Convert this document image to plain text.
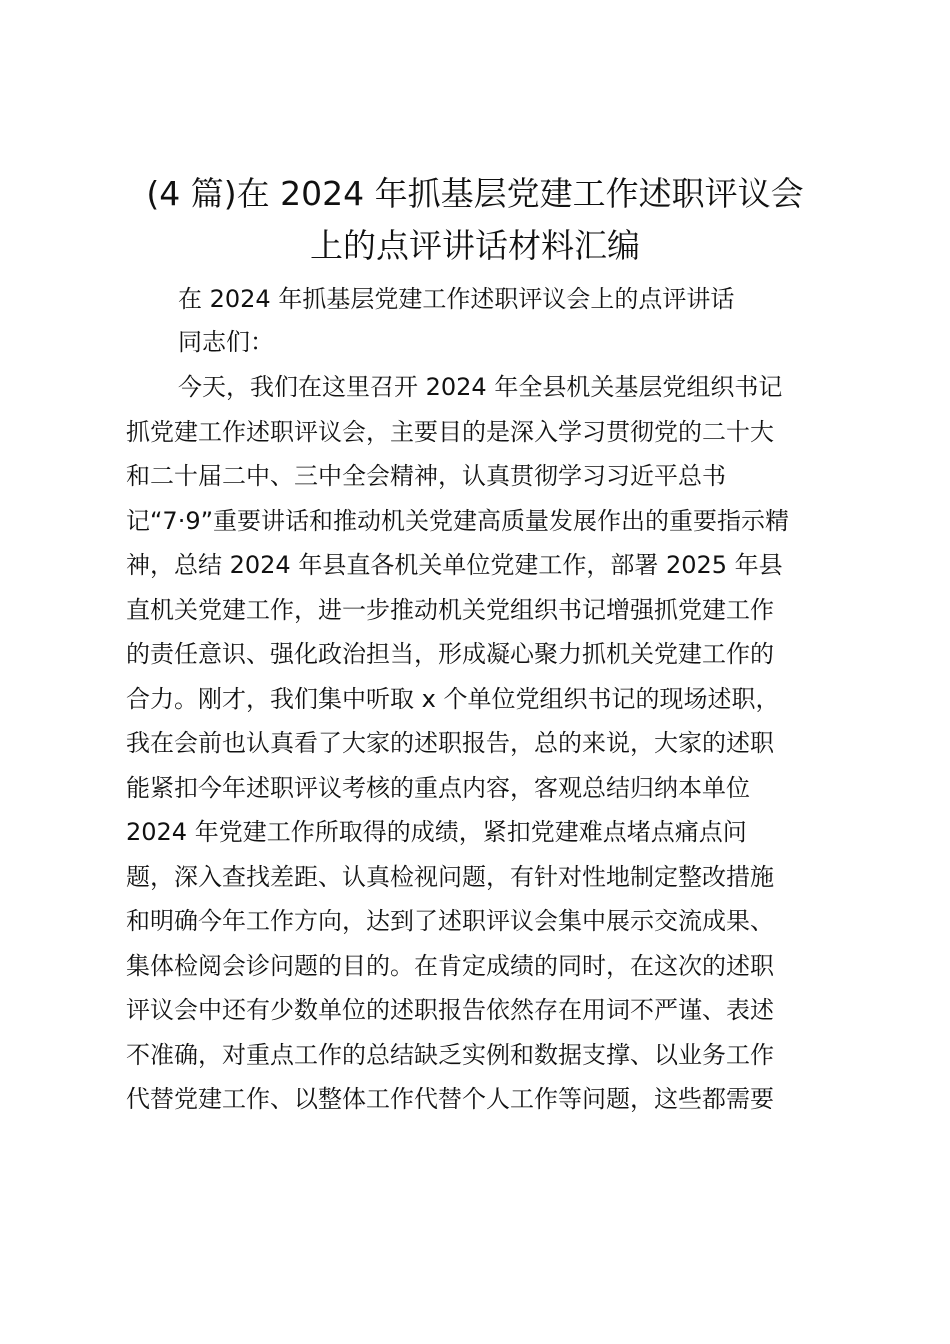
(4 篇)在 2024 年抓基层党建工作述职评议会
上的点评讲话材料汇编

在 2024 年抓基层党建工作述职评议会上的点评讲话

同志们：

今天，我们在这里召开 2024 年全县机关基层党组织书记

抓党建工作述职评议会，主要目的是深入学习贯彻党的二十大

和二十届二中、三中全会精神，认真贯彻学习习近平总书

记“7·9”重要讲话和推动机关党建高质量发展作出的重要指示精

神，总结 2024 年县直各机关单位党建工作，部署 2025 年县

直机关党建工作，进一步推动机关党组织书记增强抓党建工作

的责任意识、强化政治担当，形成凝心聚力抓机关党建工作的

合力。刚才，我们集中听取 x 个单位党组织书记的现场述职，

我在会前也认真看了大家的述职报告，总的来说，大家的述职

能紧扣今年述职评议考核的重点内容，客观总结归纳本单位

2024 年党建工作所取得的成绩，紧扣党建难点堵点痛点问

题，深入查找差距、认真检视问题，有针对性地制定整改措施

和明确今年工作方向，达到了述职评议会集中展示交流成果、

集体检阅会诊问题的目的。在肯定成绩的同时，在这次的述职

评议会中还有少数单位的述职报告依然存在用词不严谨、表述

不准确，对重点工作的总结缺乏实例和数据支撑、以业务工作

代替党建工作、以整体工作代替个人工作等问题，这些都需要
